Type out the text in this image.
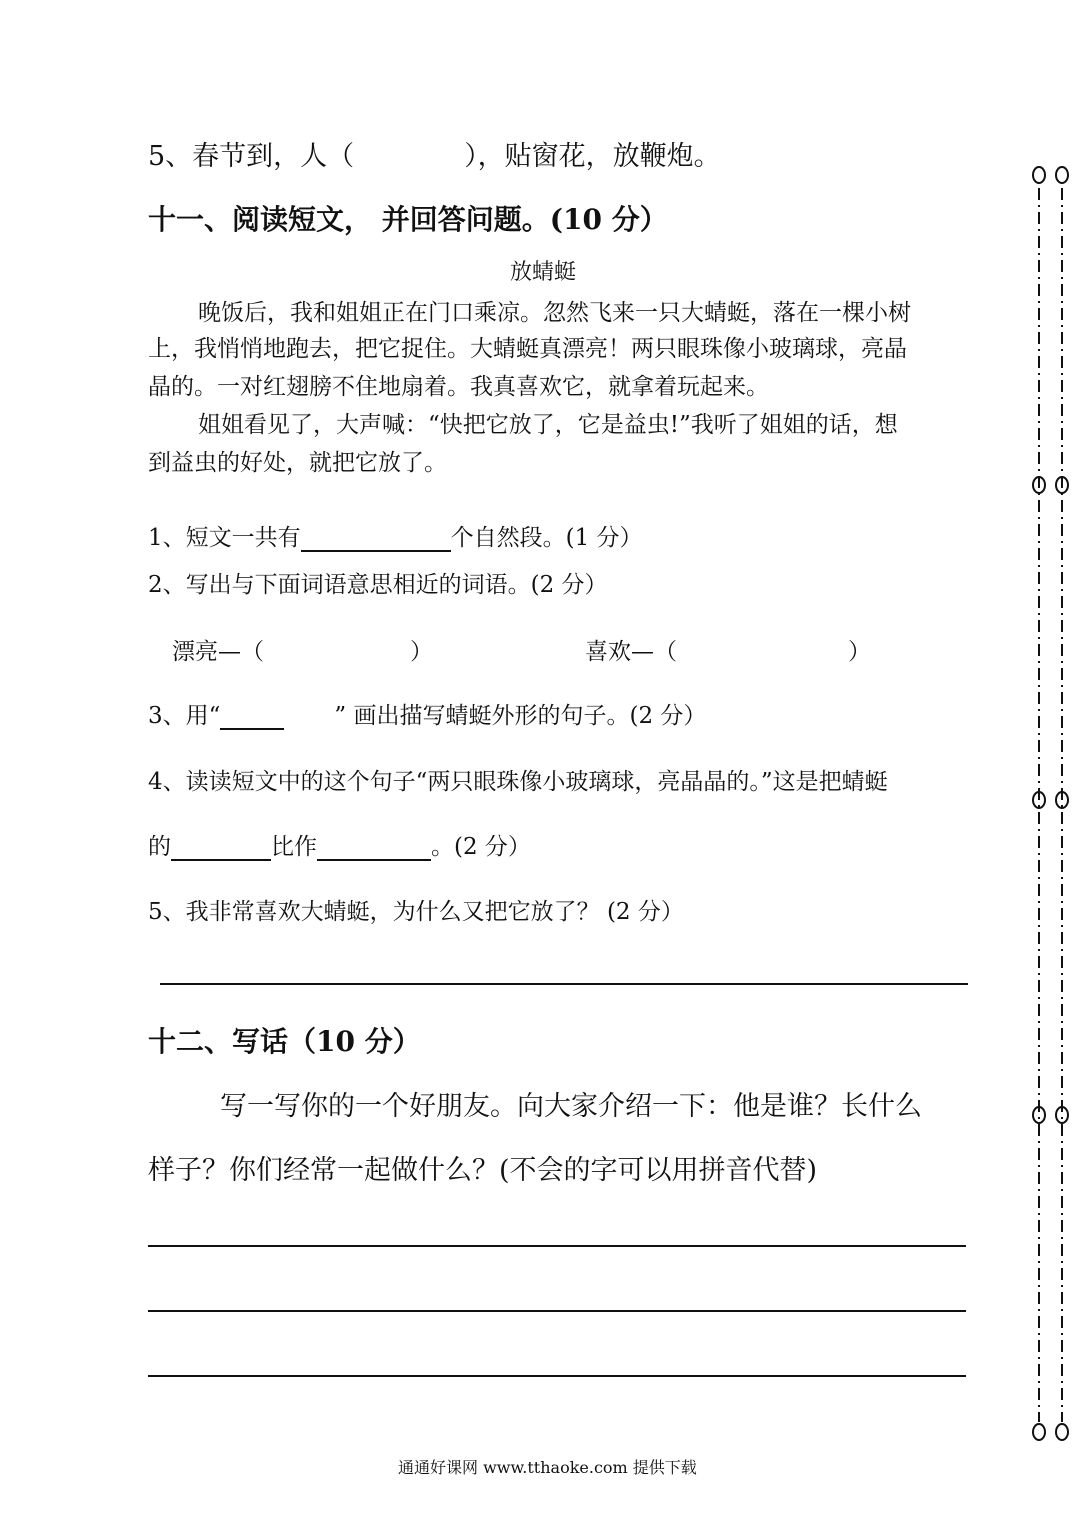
5、春节到，人（	），贴窗花，放鞭炮。
十一、阅读短文， 并回答问题。(10 分）
放蜻蜓
晚饭后，我和姐姐正在门口乘凉。忽然飞来一只大蜻蜓，落在一棵小树
上，我悄悄地跑去，把它捉住。大蜻蜓真漂亮！两只眼珠像小玻璃球，亮晶
晶的。一对红翅膀不住地扇着。我真喜欢它，就拿着玩起来。
姐姐看见了，大声喊：“快把它放了，它是益虫!”我听了姐姐的话，想
到益虫的好处，就把它放了。
1、短文一共有	个自然段。(1 分）
2、写出与下面词语意思相近的词语。(2 分）
漂亮—（	）	喜欢—（	）
3、用“	” 画出描写蜻蜓外形的句子。(2 分）
4、读读短文中的这个句子“两只眼珠像小玻璃球，亮晶晶的。”这是把蜻蜓
的	比作	。(2 分）
5、我非常喜欢大蜻蜓，为什么又把它放了？ (2 分）
十二、写话（10 分）
写一写你的一个好朋友。向大家介绍一下：他是谁？长什么
样子？你们经常一起做什么？(不会的字可以用拼音代替)
通通好课网 www.tthaoke.com 提供下载
